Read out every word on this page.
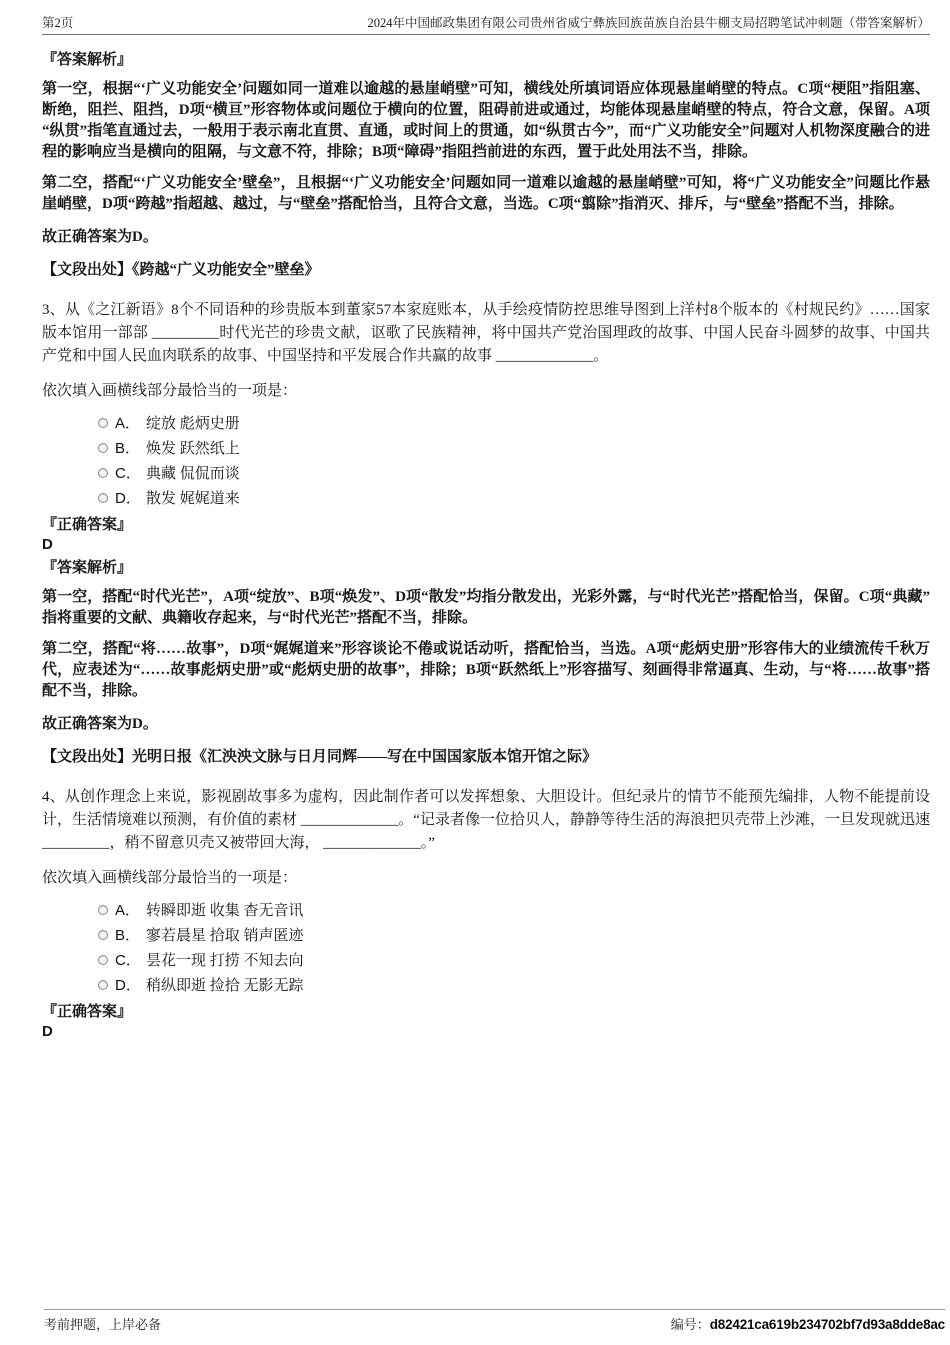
第2页	2024年中国邮政集团有限公司贵州省威宁彝族回族苗族自治县牛棚支局招聘笔试冲刺题（带答案解析）
『答案解析』

第一空，根据“‘广义功能安全’问题如同一道难以逾越的悬崖峭壁”可知，横线处所填词语应体现悬崖峭壁的特点。C项“梗阻”指阻塞、断绝，阻拦、阻挡，D项“横亘”形容物体或问题位于横向的位置，阻碍前进或通过，均能体现悬崖峭壁的特点，符合文意，保留。A项“纵贯”指笔直通过去，一般用于表示南北直贯、直通，或时间上的贯通，如“纵贯古今”，而“广义功能安全”问题对人机物深度融合的进程的影响应当是横向的阻隔，与文意不符，排除；B项“障碍”指阻挡前进的东西，置于此处用法不当，排除。

第二空，搭配“‘广义功能安全’壁垒”，且根据“‘广义功能安全’问题如同一道难以逾越的悬崖峭壁”可知，将“广义功能安全”问题比作悬崖峭壁，D项“跨越”指超越、越过，与“壁垒”搭配恰当，且符合文意，当选。C项“翦除”指消灭、排斥，与“壁垒”搭配不当，排除。

故正确答案为D。

【文段出处】《跨越“广义功能安全”壁垒》

3、从《之江新语》8个不同语种的珍贵版本到董家57本家庭账本，从手绘疫情防控思维导图到上洋村8个版本的《村规民约》……国家版本馆用一部部 _________时代光芒的珍贵文献，讴歌了民族精神，将中国共产党治国理政的故事、中国人民奋斗圆梦的故事、中国共产党和中国人民血肉联系的故事、中国坚持和平发展合作共赢的故事 _____________。

依次填入画横线部分最恰当的一项是：

A． 绽放 彪炳史册
B． 焕发 跃然纸上
C． 典藏 侃侃而谈
D． 散发 娓娓道来
『正确答案』
D
『答案解析』

第一空，搭配“时代光芒”，A项“绽放”、B项“焕发”、D项“散发”均指分散发出，光彩外露，与“时代光芒”搭配恰当，保留。C项“典藏”指将重要的文献、典籍收存起来，与“时代光芒”搭配不当，排除。

第二空，搭配“将……故事”，D项“娓娓道来”形容谈论不倦或说话动听，搭配恰当，当选。A项“彪炳史册”形容伟大的业绩流传千秋万代，应表述为“……故事彪炳史册”或“彪炳史册的故事”，排除；B项“跃然纸上”形容描写、刻画得非常逼真、生动，与“将……故事”搭配不当，排除。

故正确答案为D。

【文段出处】光明日报《汇泱泱文脉与日月同辉——写在中国国家版本馆开馆之际》

4、从创作理念上来说，影视剧故事多为虚构，因此制作者可以发挥想象、大胆设计。但纪录片的情节不能预先编排，人物不能提前设计，生活情境难以预测，有价值的素材 _____________。“记录者像一位拾贝人，静静等待生活的海浪把贝壳带上沙滩，一旦发现就迅速 _________，稍不留意贝壳又被带回大海， _____________。”

依次填入画横线部分最恰当的一项是：

A． 转瞬即逝 收集 杳无音讯
B． 寥若晨星 拾取 销声匿迹
C． 昙花一现 打捞 不知去向
D． 稍纵即逝 捡拾 无影无踪
『正确答案』
D
考前押题，上岸必备	编号：d82421ca619b234702bf7d93a8dde8ac
